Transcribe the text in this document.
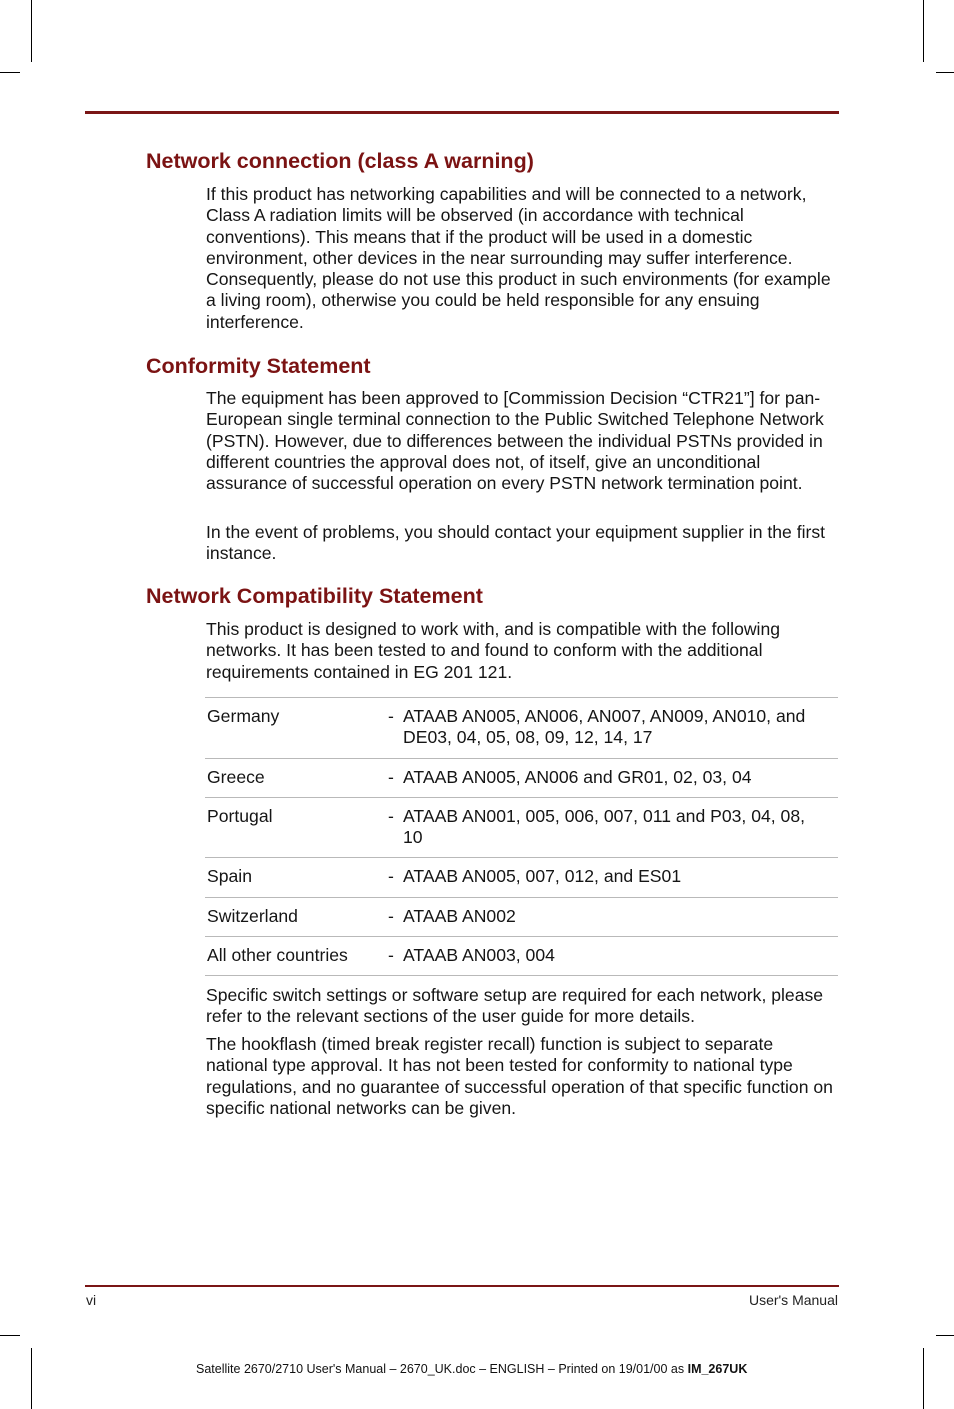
Network connection (class A warning)

If this product has networking capabilities and will be connected to a network, Class A radiation limits will be observed (in accordance with technical conventions). This means that if the product will be used in a domestic environment, other devices in the near surrounding may suffer interference. Consequently, please do not use this product in such environments (for example a living room), otherwise you could be held responsible for any ensuing interference.

Conformity Statement

The equipment has been approved to [Commission Decision “CTR21”] for pan-European single terminal connection to the Public Switched Telephone Network (PSTN). However, due to differences between the individual PSTNs provided in different countries the approval does not, of itself, give an unconditional assurance of successful operation on every PSTN network termination point.

In the event of problems, you should contact your equipment supplier in the first instance.

Network Compatibility Statement

This product is designed to work with, and is compatible with the following networks. It has been tested to and found to conform with the additional requirements contained in EG 201 121.

Germany	-	ATAAB AN005, AN006, AN007, AN009, AN010, and DE03, 04, 05, 08, 09, 12, 14, 17
Greece	-	ATAAB AN005, AN006 and GR01, 02, 03, 04
Portugal	-	ATAAB AN001, 005, 006, 007, 011 and P03, 04, 08, 10
Spain	-	ATAAB AN005, 007, 012, and ES01
Switzerland	-	ATAAB AN002
All other countries	-	ATAAB AN003, 004

Specific switch settings or software setup are required for each network, please refer to the relevant sections of the user guide for more details.

The hookflash (timed break register recall) function is subject to separate national type approval. It has not been tested for conformity to national type regulations, and no guarantee of successful operation of that specific function on specific national networks can be given.

vi	User's Manual
Satellite 2670/2710 User's Manual – 2670_UK.doc – ENGLISH – Printed on 19/01/00 as IM_267UK
